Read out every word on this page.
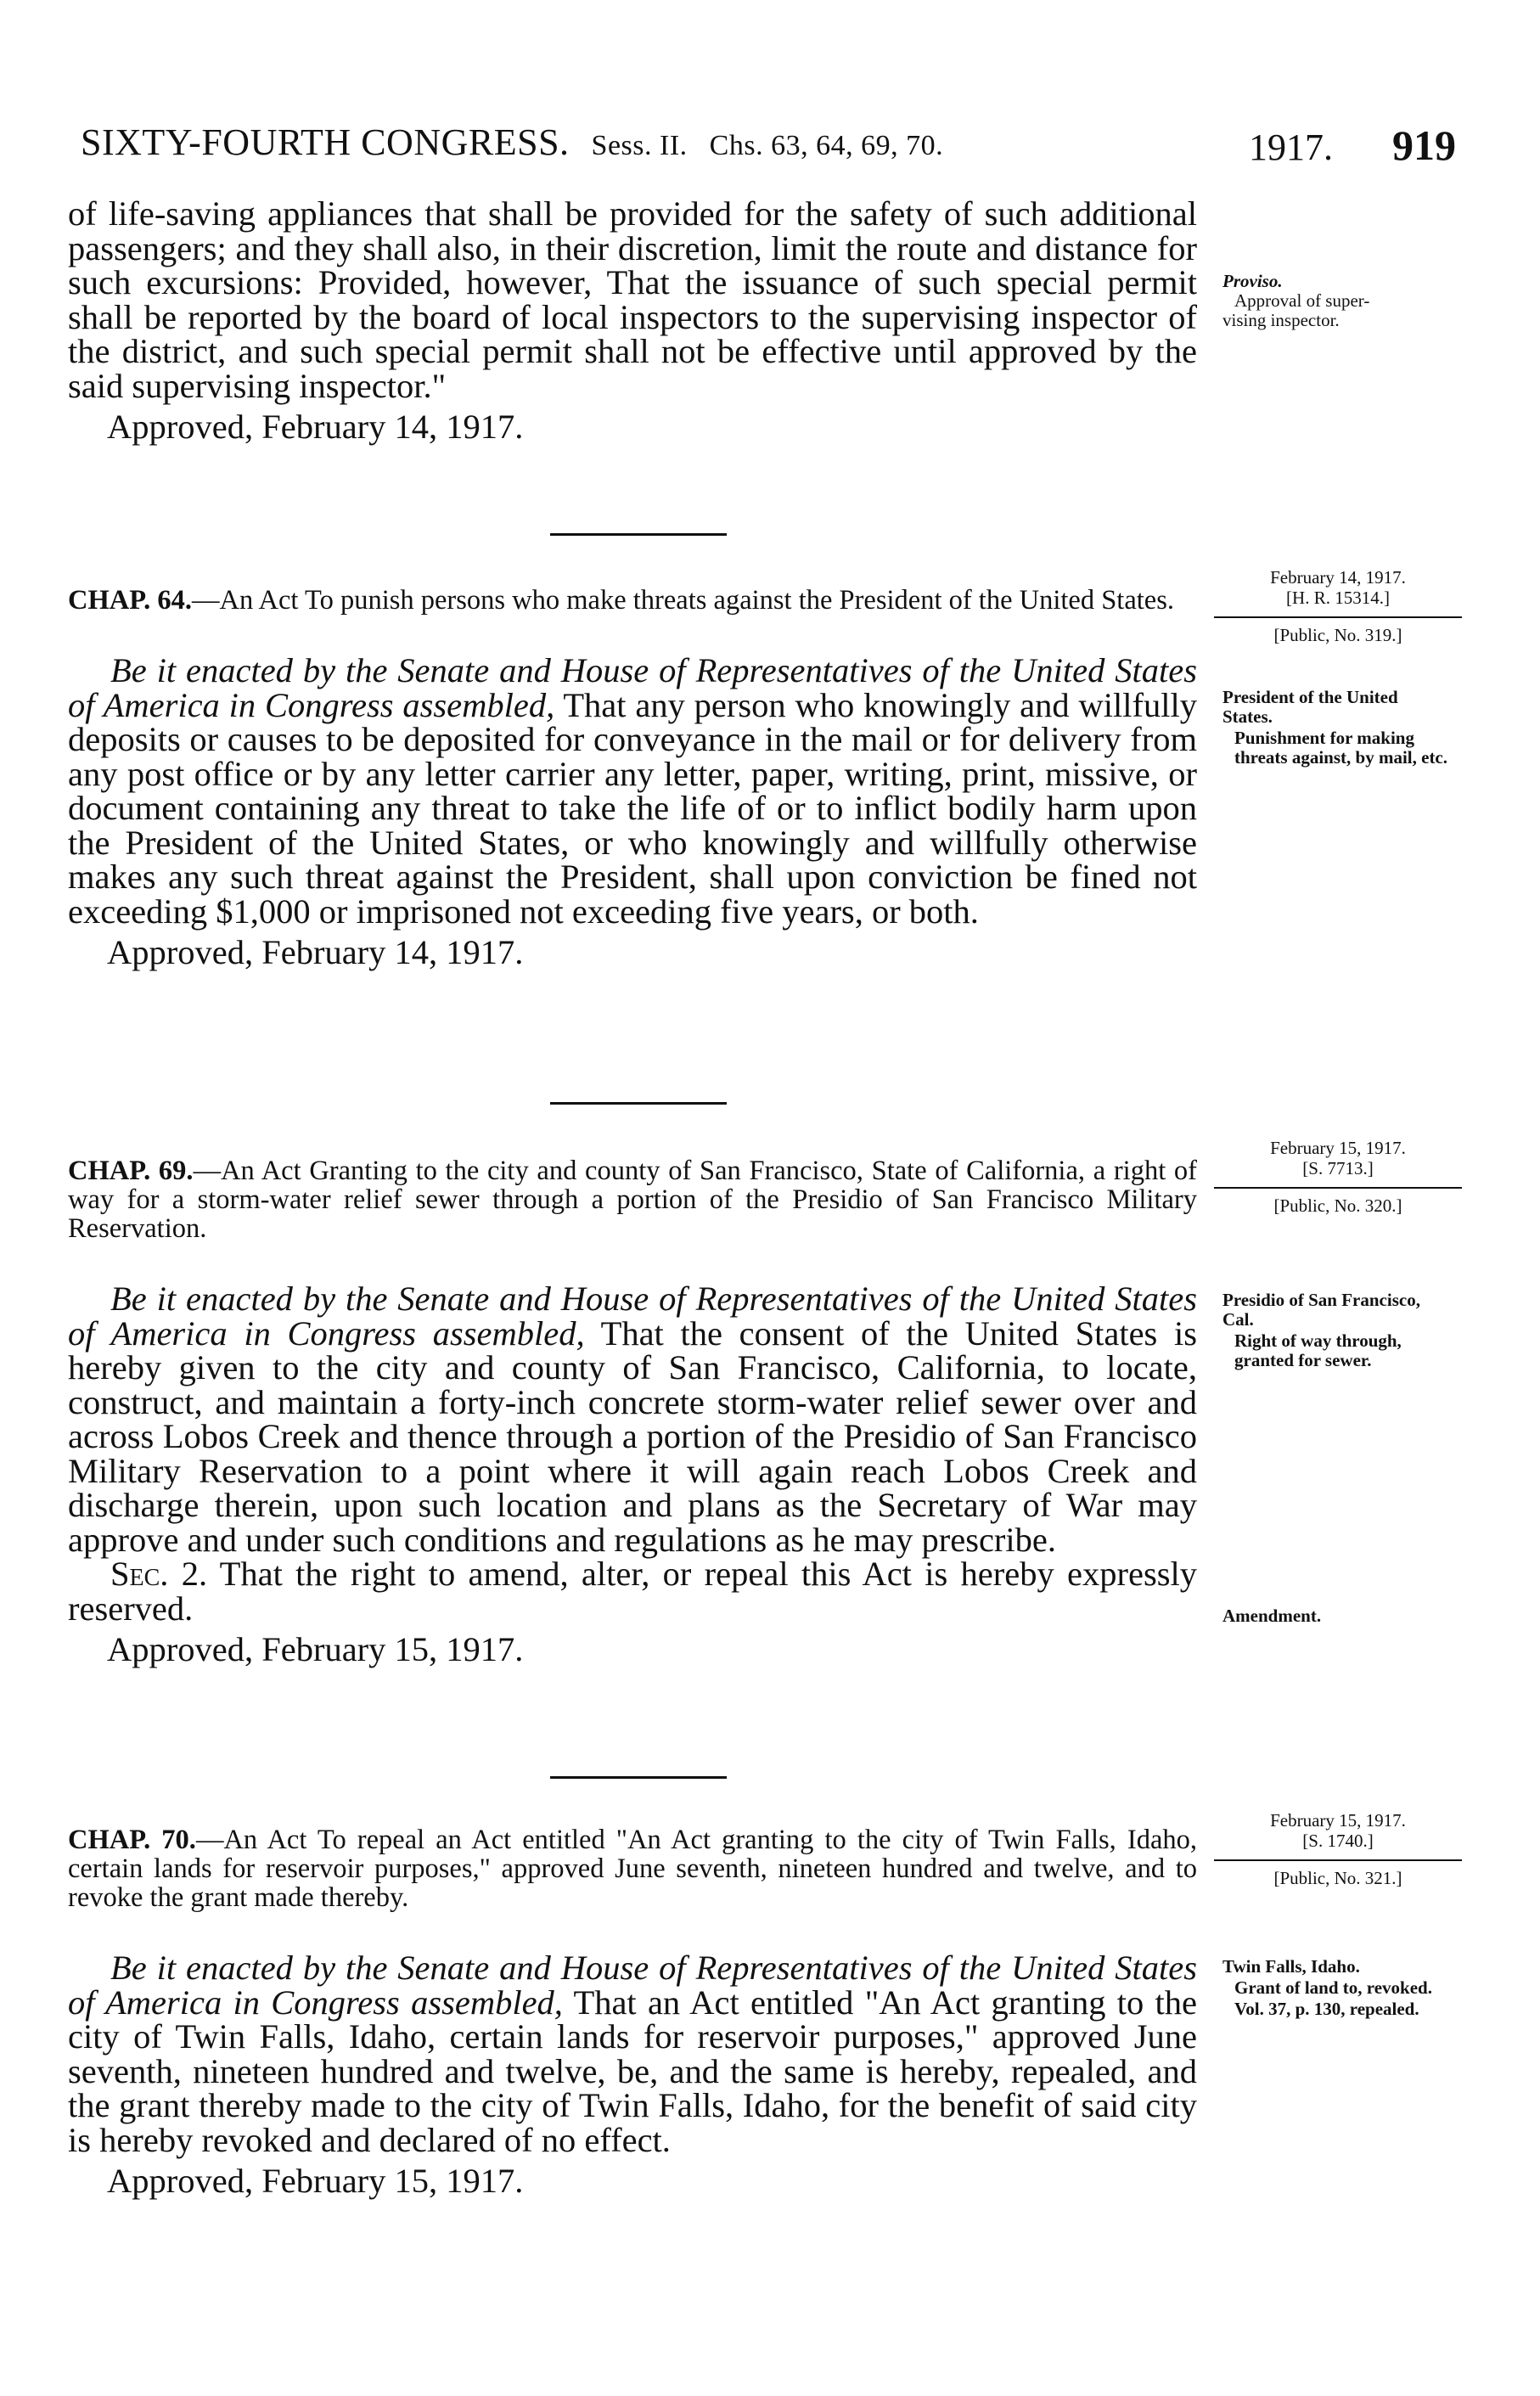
SIXTY-FOURTH CONGRESS. Sess. II. Chs. 63, 64, 69, 70.	1917. 919

of life-saving appliances that shall be provided for the safety of such additional passengers; and they shall also, in their discretion, limit the route and distance for such excursions: Provided, however, That the issuance of such special permit shall be reported by the board of local inspectors to the supervising inspector of the district, and such special permit shall not be effective until approved by the said supervising inspector."

Approved, February 14, 1917.
Proviso.
Approval of super-
vising inspector.
February 14, 1917.
[H. R. 15314.]
[Public, No. 319.]

CHAP. 64.—An Act To punish persons who make threats against the President of the United States.

Be it enacted by the Senate and House of Representatives of the United States of America in Congress assembled, That any person who knowingly and willfully deposits or causes to be deposited for conveyance in the mail or for delivery from any post office or by any letter carrier any letter, paper, writing, print, missive, or document containing any threat to take the life of or to inflict bodily harm upon the President of the United States, or who knowingly and willfully otherwise makes any such threat against the President, shall upon conviction be fined not exceeding $1,000 or imprisoned not exceeding five years, or both.

Approved, February 14, 1917.
President of the United States.
Punishment for making threats against, by mail, etc.
February 15, 1917.
[S. 7713.]
[Public, No. 320.]

CHAP. 69.—An Act Granting to the city and county of San Francisco, State of California, a right of way for a storm-water relief sewer through a portion of the Presidio of San Francisco Military Reservation.

Be it enacted by the Senate and House of Representatives of the United States of America in Congress assembled, That the consent of the United States is hereby given to the city and county of San Francisco, California, to locate, construct, and maintain a forty-inch concrete storm-water relief sewer over and across Lobos Creek and thence through a portion of the Presidio of San Francisco Military Reservation to a point where it will again reach Lobos Creek and discharge therein, upon such location and plans as the Secretary of War may approve and under such conditions and regulations as he may prescribe.

Sec. 2. That the right to amend, alter, or repeal this Act is hereby expressly reserved.

Approved, February 15, 1917.
Presidio of San Francisco, Cal.
Right of way through, granted for sewer.
Amendment.
February 15, 1917.
[S. 1740.]
[Public, No. 321.]

CHAP. 70.—An Act To repeal an Act entitled "An Act granting to the city of Twin Falls, Idaho, certain lands for reservoir purposes," approved June seventh, nineteen hundred and twelve, and to revoke the grant made thereby.

Be it enacted by the Senate and House of Representatives of the United States of America in Congress assembled, That an Act entitled "An Act granting to the city of Twin Falls, Idaho, certain lands for reservoir purposes," approved June seventh, nineteen hundred and twelve, be, and the same is hereby, repealed, and the grant thereby made to the city of Twin Falls, Idaho, for the benefit of said city is hereby revoked and declared of no effect.

Approved, February 15, 1917.
Twin Falls, Idaho.
Grant of land to, revoked.
Vol. 37, p. 130, repealed.
